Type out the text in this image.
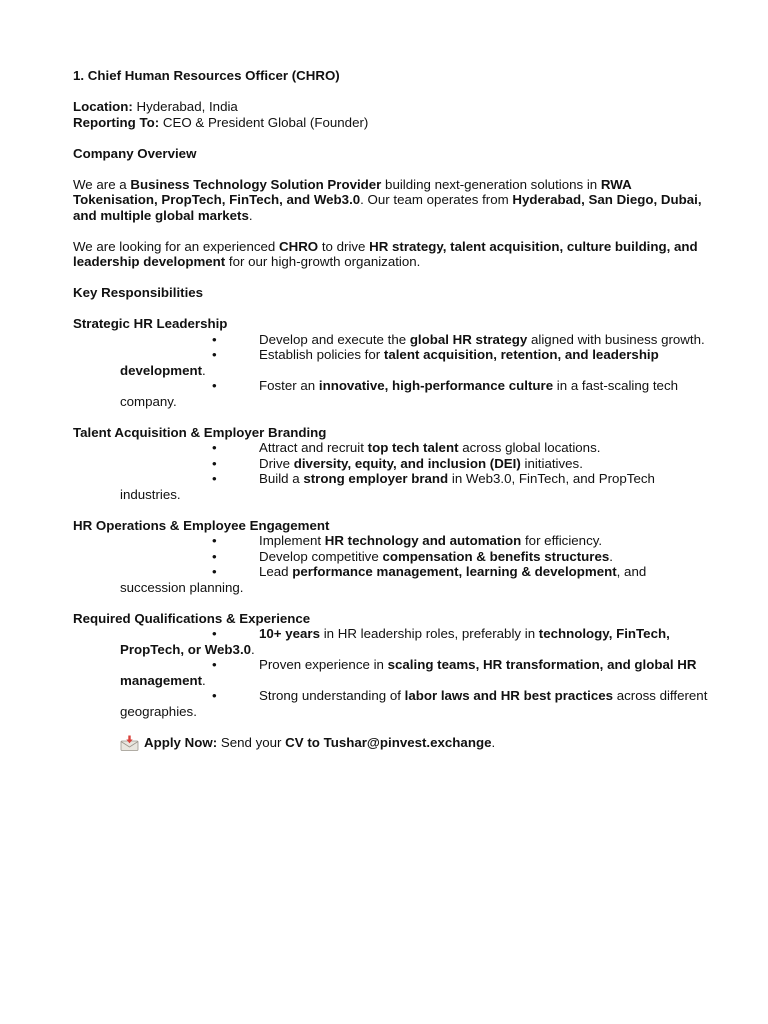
1. Chief Human Resources Officer (CHRO)

Location: Hyderabad, India

Reporting To: CEO & President Global (Founder)

Company Overview

We are a Business Technology Solution Provider building next-generation solutions in RWA Tokenisation, PropTech, FinTech, and Web3.0. Our team operates from Hyderabad, San Diego, Dubai, and multiple global markets.

We are looking for an experienced CHRO to drive HR strategy, talent acquisition, culture building, and leadership development for our high-growth organization.

Key Responsibilities

Strategic HR Leadership

•	Develop and execute the global HR strategy aligned with business growth.

•	Establish policies for talent acquisition, retention, and leadership development.

•	Foster an innovative, high-performance culture in a fast-scaling tech company.

Talent Acquisition & Employer Branding

•	Attract and recruit top tech talent across global locations.

•	Drive diversity, equity, and inclusion (DEI) initiatives.

•	Build a strong employer brand in Web3.0, FinTech, and PropTech industries.

HR Operations & Employee Engagement

•	Implement HR technology and automation for efficiency.

•	Develop competitive compensation & benefits structures.

•	Lead performance management, learning & development, and succession planning.

Required Qualifications & Experience

•	10+ years in HR leadership roles, preferably in technology, FinTech, PropTech, or Web3.0.

•	Proven experience in scaling teams, HR transformation, and global HR management.

•	Strong understanding of labor laws and HR best practices across different geographies.

Apply Now: Send your CV to Tushar@pinvest.exchange.
